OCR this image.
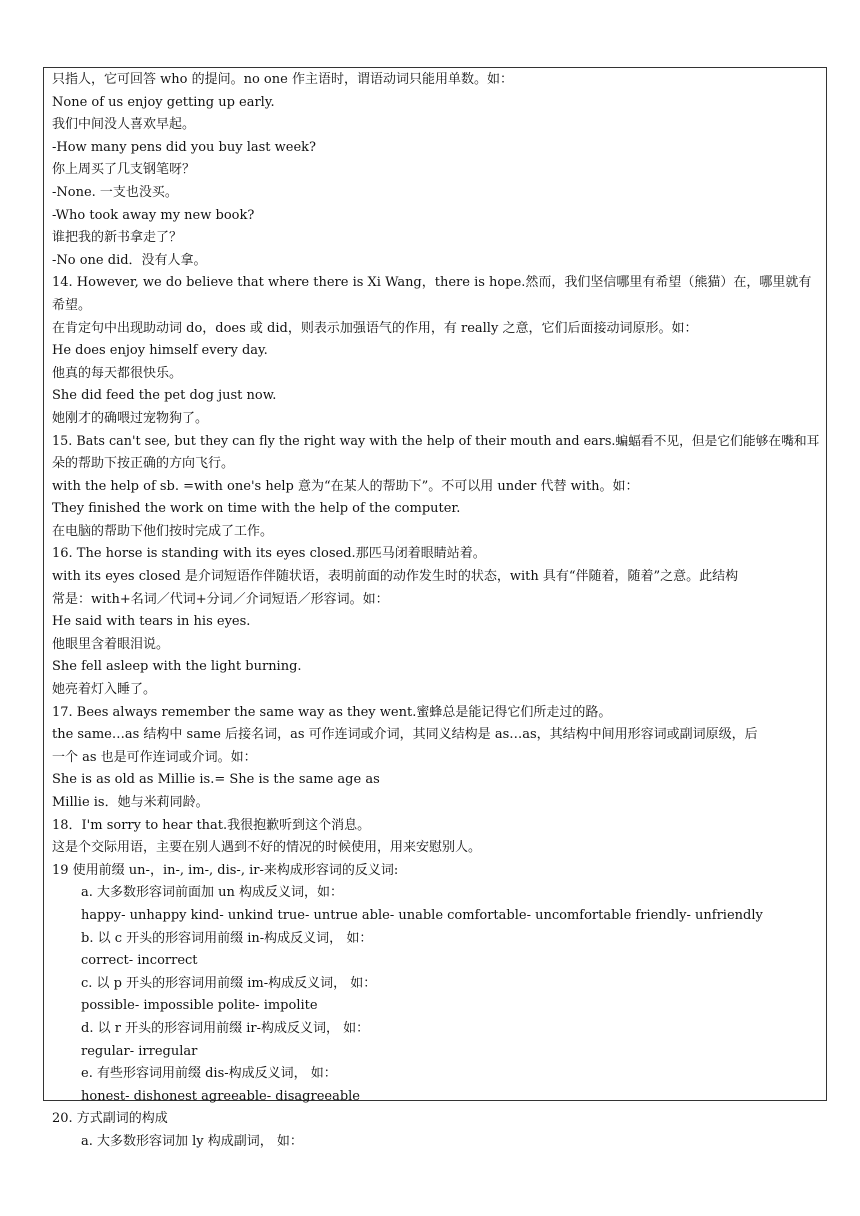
只指人，它可回答 who 的提问。no one 作主语时，谓语动词只能用单数。如：
None of us enjoy getting up early.
我们中间没人喜欢早起。
-How many pens did you buy last week?
你上周买了几支钢笔呀？
-None. 一支也没买。
-Who took away my new book?
谁把我的新书拿走了？
-No one did．没有人拿。
14. However, we do believe that where there is Xi Wang，there is hope.然而，我们坚信哪里有希望（熊猫）在，哪里就有
希望。
在肯定句中出现助动词 do，does 或 did，则表示加强语气的作用，有 really 之意，它们后面接动词原形。如：
He does enjoy himself every day.
他真的每天都很快乐。
She did feed the pet dog just now.
她刚才的确喂过宠物狗了。
15. Bats can't see, but they can fly the right way with the help of their mouth and ears.蝙蝠看不见，但是它们能够在嘴和耳
朵的帮助下按正确的方向飞行。
with the help of sb. =with one's help 意为“在某人的帮助下”。不可以用 under 代替 with。如：
They finished the work on time with the help of the computer.
在电脑的帮助下他们按时完成了工作。
16. The horse is standing with its eyes closed.那匹马闭着眼睛站着。
with its eyes closed 是介词短语作伴随状语，表明前面的动作发生时的状态，with 具有“伴随着，随着”之意。此结构
常是：with+名词／代词+分词／介词短语／形容词。如：
He said with tears in his eyes.
他眼里含着眼泪说。
She fell asleep with the light burning.
她亮着灯入睡了。
17. Bees always remember the same way as they went.蜜蜂总是能记得它们所走过的路。
the same…as 结构中 same 后接名词，as 可作连词或介词，其同义结构是 as…as，其结构中间用形容词或副词原级，后
一个 as 也是可作连词或介词。如：
She is as old as Millie is.= She is the same age as
Millie is．她与米莉同龄。
18．I'm sorry to hear that.我很抱歉听到这个消息。
这是个交际用语，主要在别人遇到不好的情况的时候使用，用来安慰别人。
19 使用前缀 un-，in-, im-, dis-, ir-来构成形容词的反义词:
a. 大多数形容词前面加 un 构成反义词，如：
happy- unhappy kind- unkind true- untrue able- unable comfortable- uncomfortable friendly- unfriendly
b. 以 c 开头的形容词用前缀 in-构成反义词， 如：
correct- incorrect
c. 以 p 开头的形容词用前缀 im-构成反义词， 如：
possible- impossible polite- impolite
d. 以 r 开头的形容词用前缀 ir-构成反义词， 如：
regular- irregular
e. 有些形容词用前缀 dis-构成反义词， 如：
honest- dishonest agreeable- disagreeable
20. 方式副词的构成
a. 大多数形容词加 ly 构成副词， 如：
